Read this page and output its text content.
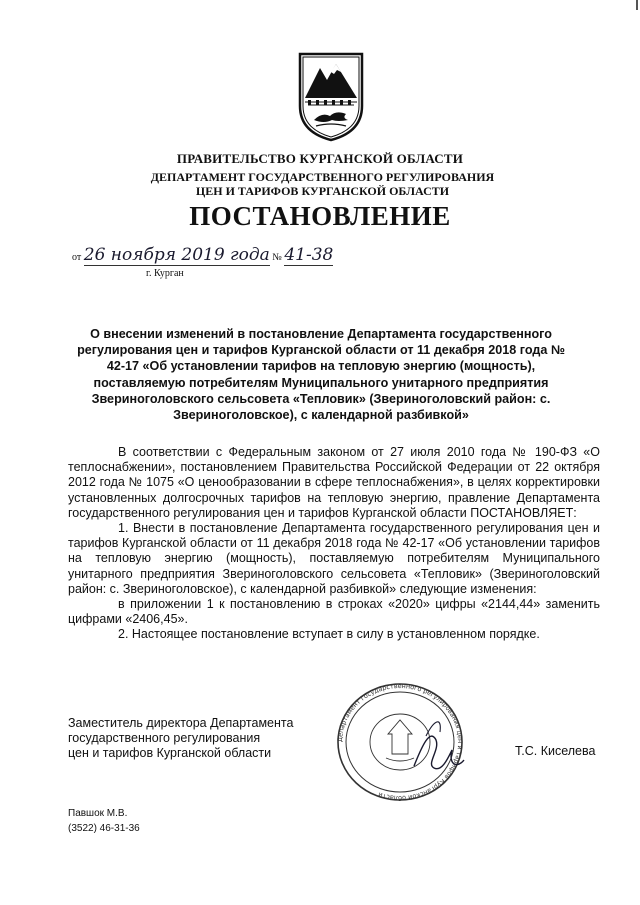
ПРАВИТЕЛЬСТВО КУРГАНСКОЙ ОБЛАСТИ
ДЕПАРТАМЕНТ ГОСУДАРСТВЕННОГО РЕГУЛИРОВАНИЯ ЦЕН И ТАРИФОВ КУРГАНСКОЙ ОБЛАСТИ
ПОСТАНОВЛЕНИЕ
от 26 ноября 2019 года № 41-38
г. Курган
О внесении изменений в постановление Департамента государственного регулирования цен и тарифов Курганской области от 11 декабря 2018 года № 42-17 «Об установлении тарифов на тепловую энергию (мощность), поставляемую потребителям Муниципального унитарного предприятия Звериноголовского сельсовета «Тепловик» (Звериноголовский район: с. Звериноголовское), с календарной разбивкой»

В соответствии с Федеральным законом от 27 июля 2010 года № 190-ФЗ «О теплоснабжении», постановлением Правительства Российской Федерации от 22 октября 2012 года № 1075 «О ценообразовании в сфере теплоснабжения», в целях корректировки установленных долгосрочных тарифов на тепловую энергию, правление Департамента государственного регулирования цен и тарифов Курганской области ПОСТАНОВЛЯЕТ:

1. Внести в постановление Департамента государственного регулирования цен и тарифов Курганской области от 11 декабря 2018 года № 42-17 «Об установлении тарифов на тепловую энергию (мощность), поставляемую потребителям Муниципального унитарного предприятия Звериноголовского сельсовета «Тепловик» (Звериноголовский район: с. Звериноголовское), с календарной разбивкой» следующие изменения:

в приложении 1 к постановлению в строках «2020» цифры «2144,44» заменить цифрами «2406,45».

2. Настоящее постановление вступает в силу в установленном порядке.

Заместитель директора Департамента
государственного регулирования
цен и тарифов Курганской области	Т.С. Киселева
Департамент государственного регулирования цен и тарифов Курганской области
Павшок М.В.
(3522) 46-31-36
